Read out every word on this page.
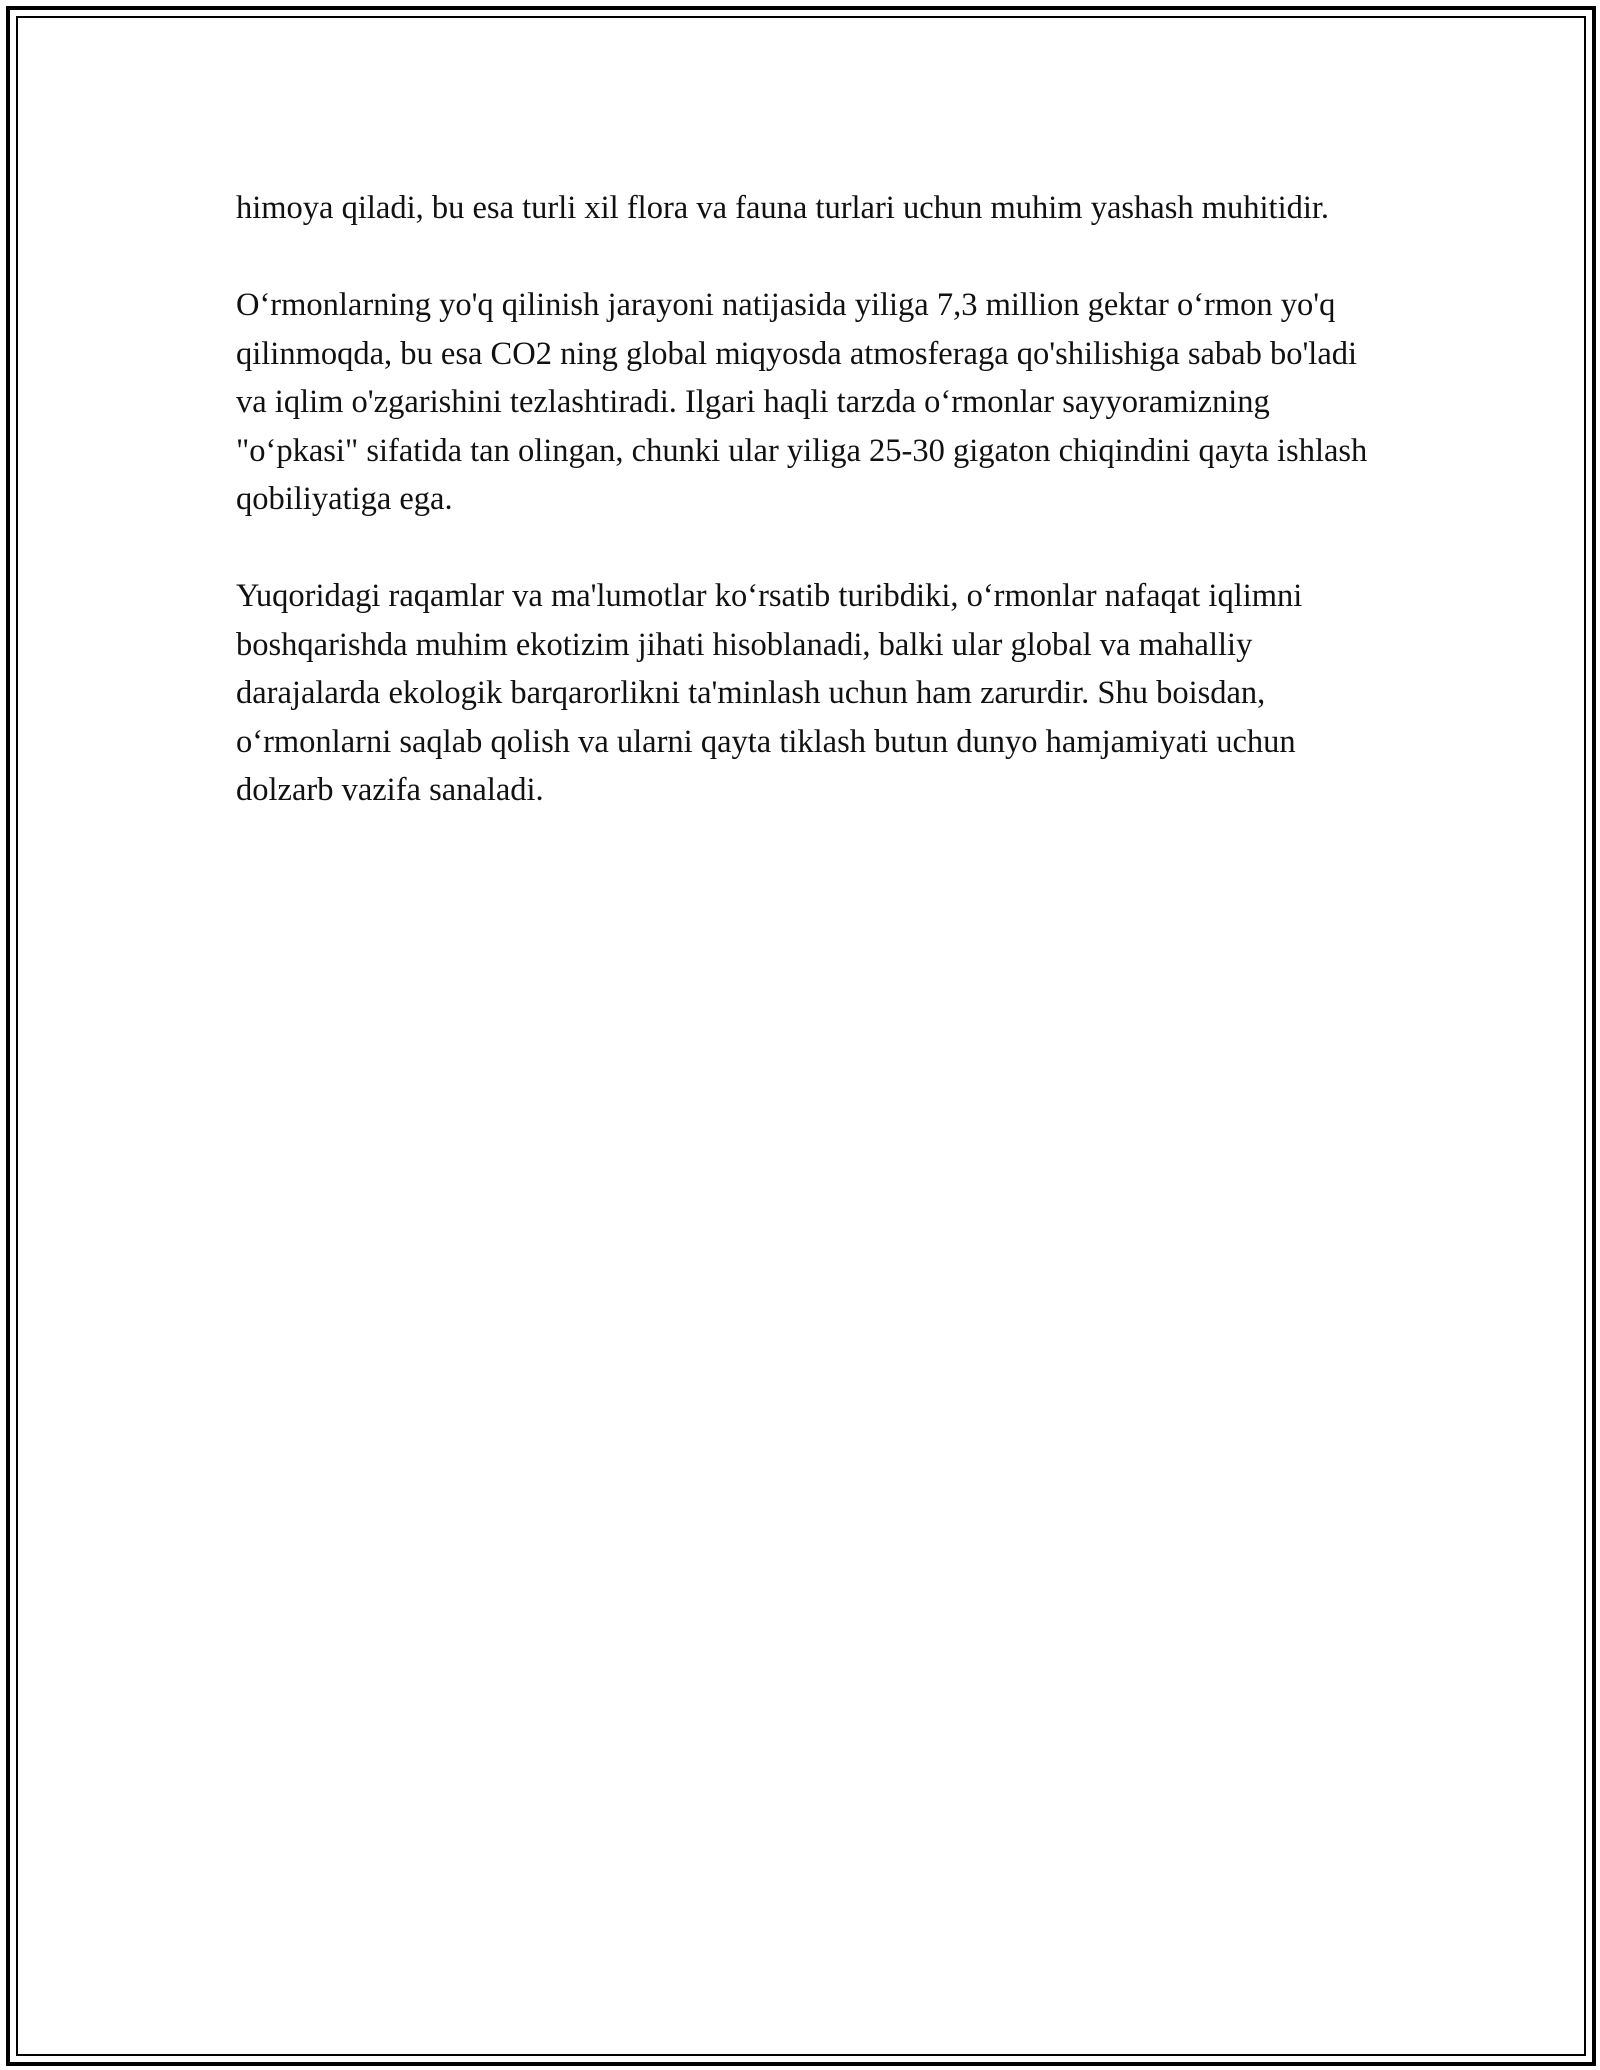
himoya qiladi, bu esa turli xil flora va fauna turlari uchun muhim yashash muhitidir.

O‘rmonlarning yo'q qilinish jarayoni natijasida yiliga 7,3 million gektar o‘rmon yo'q qilinmoqda, bu esa CO2 ning global miqyosda atmosferaga qo'shilishiga sabab bo'ladi va iqlim o'zgarishini tezlashtiradi. Ilgari haqli tarzda o‘rmonlar sayyoramizning "o‘pkasi" sifatida tan olingan, chunki ular yiliga 25-30 gigaton chiqindini qayta ishlash qobiliyatiga ega.

Yuqoridagi raqamlar va ma'lumotlar ko‘rsatib turibdiki, o‘rmonlar nafaqat iqlimni boshqarishda muhim ekotizim jihati hisoblanadi, balki ular global va mahalliy darajalarda ekologik barqarorlikni ta'minlash uchun ham zarurdir. Shu boisdan, o‘rmonlarni saqlab qolish va ularni qayta tiklash butun dunyo hamjamiyati uchun dolzarb vazifa sanaladi.
